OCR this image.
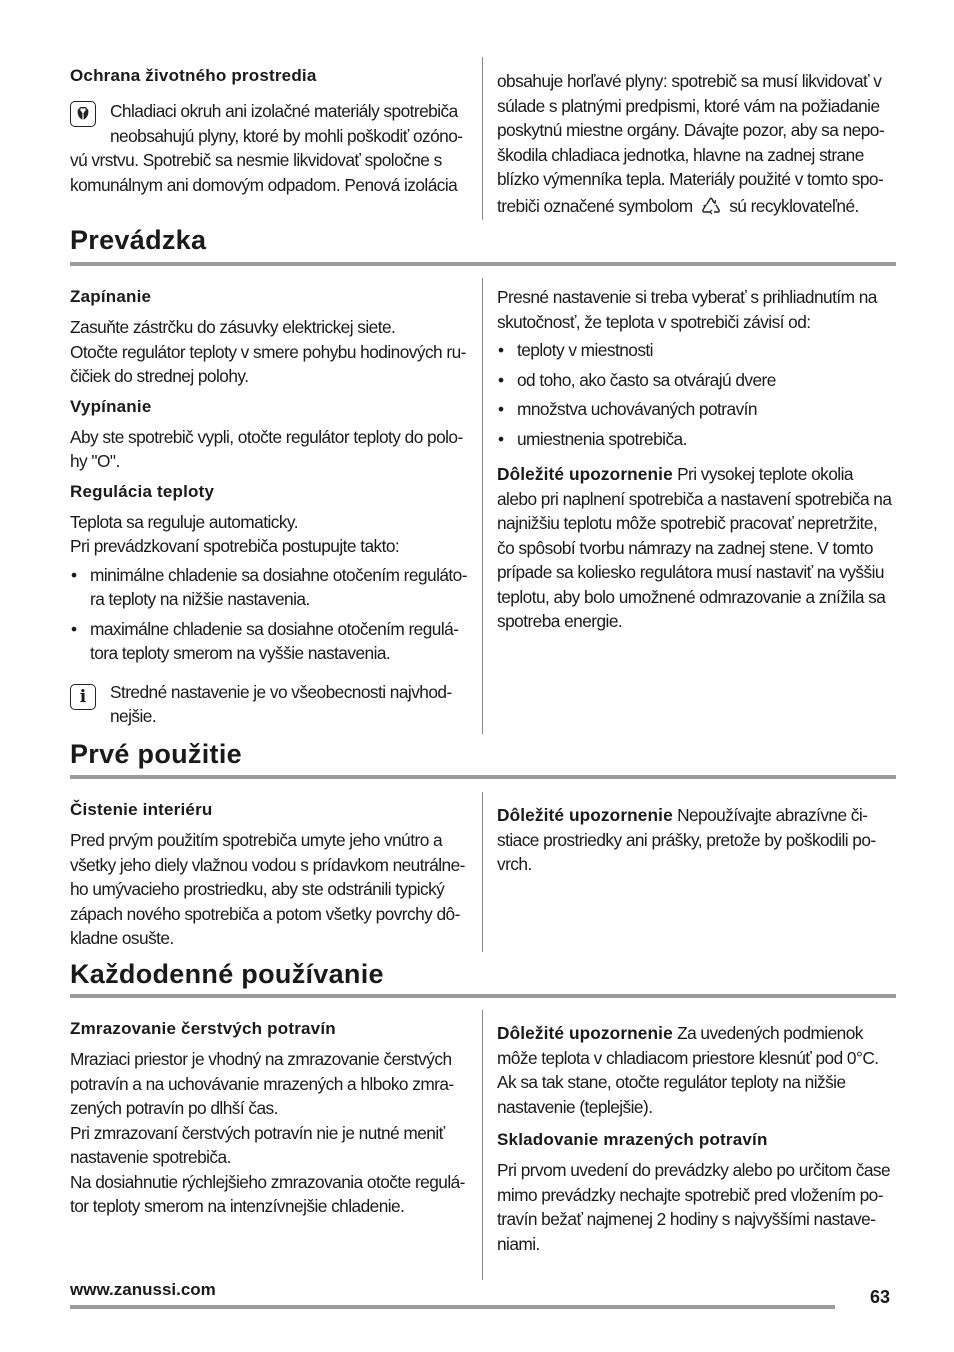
Ochrana životného prostredia

Chladiaci okruh ani izolačné materiály spotrebiča

neobsahujú plyny, ktoré by mohli poškodiť ozóno-

vú vrstvu. Spotrebič sa nesmie likvidovať spoločne s

komunálnym ani domovým odpadom. Penová izolácia

obsahuje horľavé plyny: spotrebič sa musí likvidovať v

súlade s platnými predpismi, ktoré vám na požiadanie

poskytnú miestne orgány. Dávajte pozor, aby sa nepo-

škodila chladiaca jednotka, hlavne na zadnej strane

blízko výmenníka tepla. Materiály použité v tomto spo-

trebiči označené symbolom sú recyklovateľné.

Prevádzka
Zapínanie

Zasuňte zástrčku do zásuvky elektrickej siete.

Otočte regulátor teploty v smere pohybu hodinových ru-

čičiek do strednej polohy.

Vypínanie

Aby ste spotrebič vypli, otočte regulátor teploty do polo-

hy "O".

Regulácia teploty

Teplota sa reguluje automaticky.

Pri prevádzkovaní spotrebiča postupujte takto:

• minimálne chladenie sa dosiahne otočením reguláto-
ra teploty na nižšie nastavenia.
• maximálne chladenie sa dosiahne otočením regulá-
tora teploty smerom na vyššie nastavenia.
i	Stredné nastavenie je vo všeobecnosti najvhod-

nejšie.

Presné nastavenie si treba vyberať s prihliadnutím na

skutočnosť, že teplota v spotrebiči závisí od:

• teploty v miestnosti
• od toho, ako často sa otvárajú dvere
• množstva uchovávaných potravín
• umiestnenia spotrebiča.

Dôležité upozornenie Pri vysokej teplote okolia

alebo pri naplnení spotrebiča a nastavení spotrebiča na

najnižšiu teplotu môže spotrebič pracovať nepretržite,

čo spôsobí tvorbu námrazy na zadnej stene. V tomto

prípade sa koliesko regulátora musí nastaviť na vyššiu

teplotu, aby bolo umožnené odmrazovanie a znížila sa

spotreba energie.

Prvé použitie
Čistenie interiéru

Pred prvým použitím spotrebiča umyte jeho vnútro a

všetky jeho diely vlažnou vodou s prídavkom neutrálne-

ho umývacieho prostriedku, aby ste odstránili typický

zápach nového spotrebiča a potom všetky povrchy dô-

kladne osušte.

Dôležité upozornenie Nepoužívajte abrazívne či-

stiace prostriedky ani prášky, pretože by poškodili po-

vrch.

Každodenné používanie
Zmrazovanie čerstvých potravín

Mraziaci priestor je vhodný na zmrazovanie čerstvých

potravín a na uchovávanie mrazených a hlboko zmra-

zených potravín po dlhší čas.

Pri zmrazovaní čerstvých potravín nie je nutné meniť

nastavenie spotrebiča.

Na dosiahnutie rýchlejšieho zmrazovania otočte regulá-

tor teploty smerom na intenzívnejšie chladenie.

Dôležité upozornenie Za uvedených podmienok

môže teplota v chladiacom priestore klesnúť pod 0°C.

Ak sa tak stane, otočte regulátor teploty na nižšie

nastavenie (teplejšie).

Skladovanie mrazených potravín

Pri prvom uvedení do prevádzky alebo po určitom čase

mimo prevádzky nechajte spotrebič pred vložením po-

travín bežať najmenej 2 hodiny s najvyššími nastave-

niami.

www.zanussi.com	63
